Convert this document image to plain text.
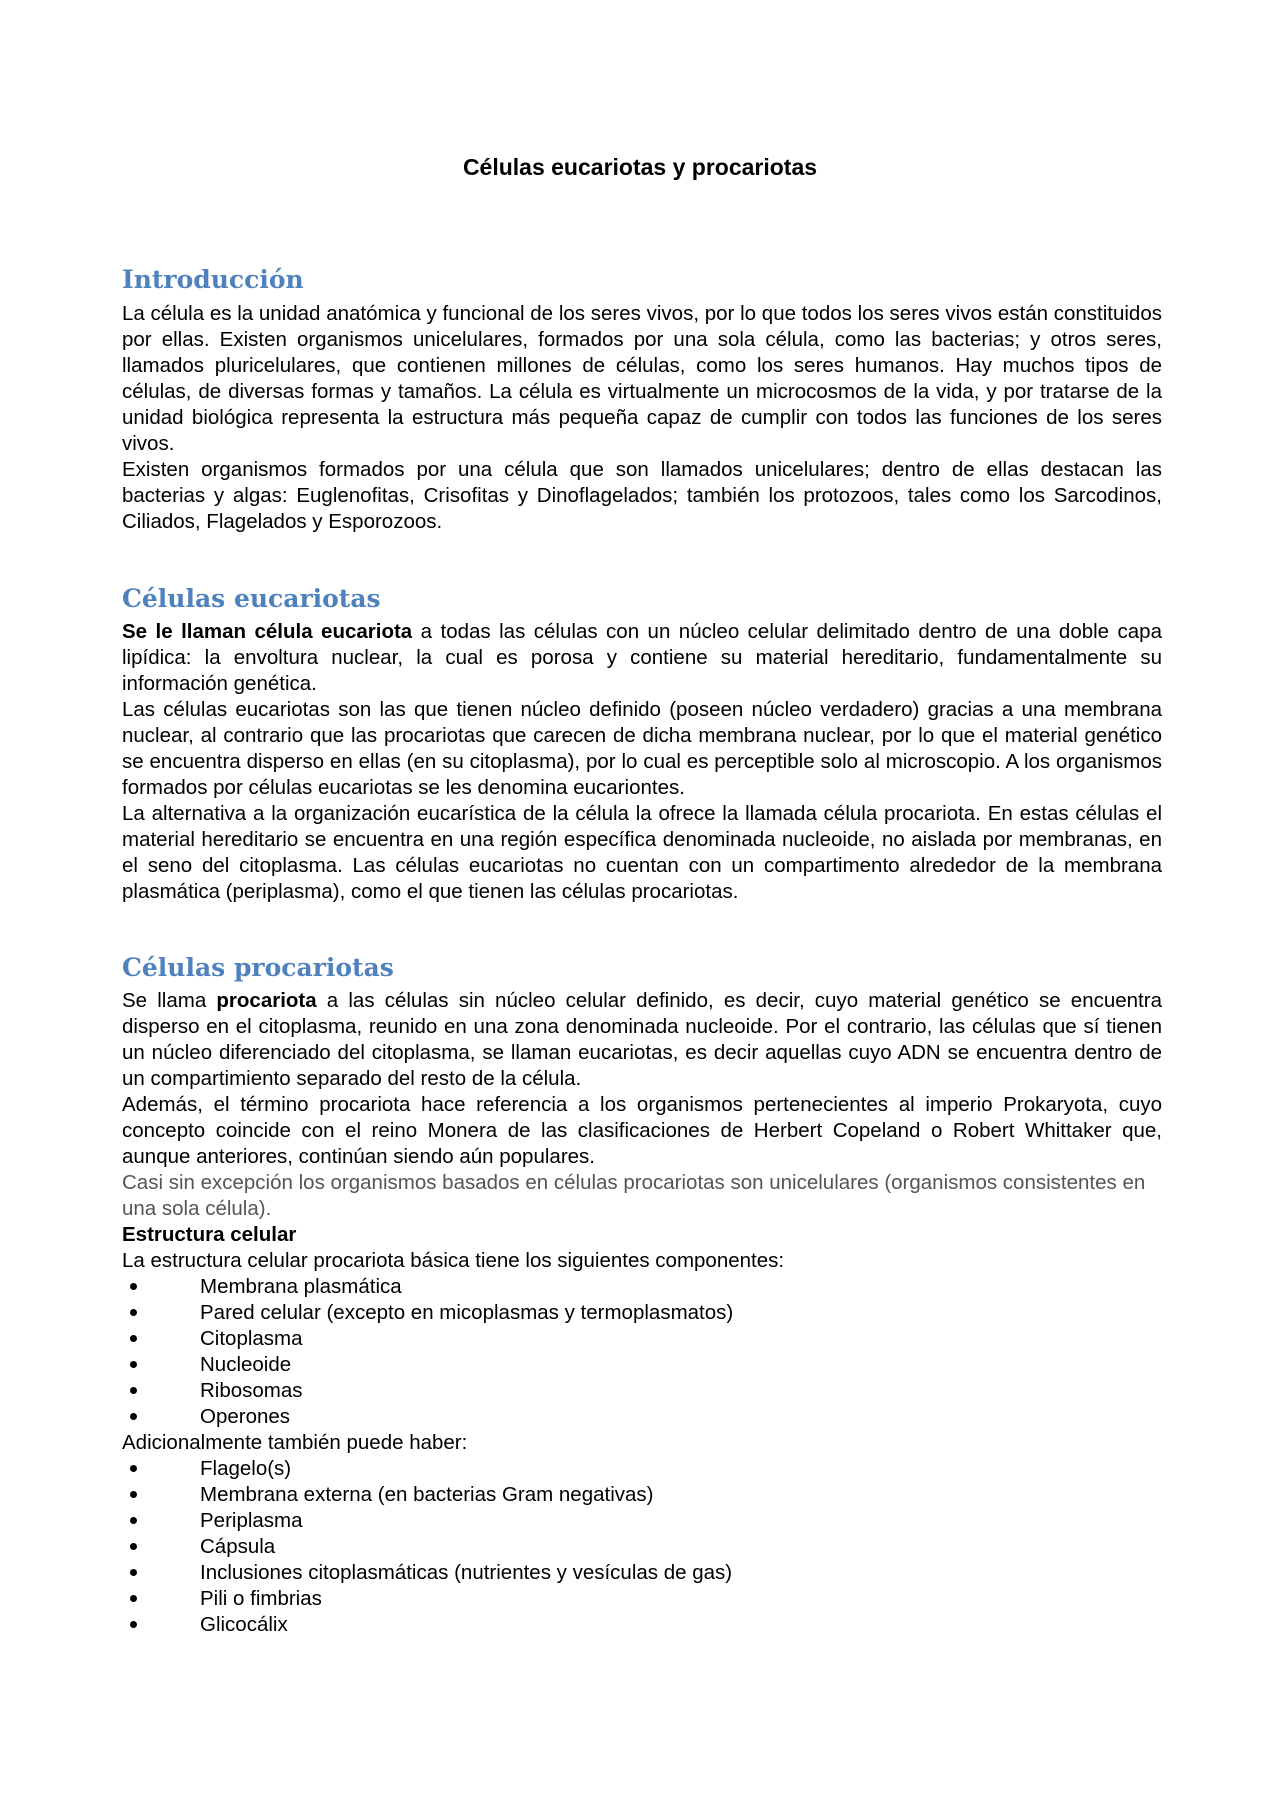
Células eucariotas y procariotas
Introducción

La célula es la unidad anatómica y funcional de los seres vivos, por lo que todos los seres vivos están constituidos por ellas. Existen organismos unicelulares, formados por una sola célula, como las bacterias; y otros seres, llamados pluricelulares, que contienen millones de células, como los seres humanos. Hay muchos tipos de células, de diversas formas y tamaños. La célula es virtualmente un microcosmos de la vida, y por tratarse de la unidad biológica representa la estructura más pequeña capaz de cumplir con todos las funciones de los seres vivos.

Existen organismos formados por una célula que son llamados unicelulares; dentro de ellas destacan las bacterias y algas: Euglenofitas, Crisofitas y Dinoflagelados; también los protozoos, tales como los Sarcodinos, Ciliados, Flagelados y Esporozoos.

Células eucariotas

Se le llaman célula eucariota a todas las células con un núcleo celular delimitado dentro de una doble capa lipídica: la envoltura nuclear, la cual es porosa y contiene su material hereditario, fundamentalmente su información genética.

Las células eucariotas son las que tienen núcleo definido (poseen núcleo verdadero) gracias a una membrana nuclear, al contrario que las procariotas que carecen de dicha membrana nuclear, por lo que el material genético se encuentra disperso en ellas (en su citoplasma), por lo cual es perceptible solo al microscopio. A los organismos formados por células eucariotas se les denomina eucariontes.

La alternativa a la organización eucarística de la célula la ofrece la llamada célula procariota. En estas células el material hereditario se encuentra en una región específica denominada nucleoide, no aislada por membranas, en el seno del citoplasma. Las células eucariotas no cuentan con un compartimento alrededor de la membrana plasmática (periplasma), como el que tienen las células procariotas.

Células procariotas

Se llama procariota a las células sin núcleo celular definido, es decir, cuyo material genético se encuentra disperso en el citoplasma, reunido en una zona denominada nucleoide. Por el contrario, las células que sí tienen un núcleo diferenciado del citoplasma, se llaman eucariotas, es decir aquellas cuyo ADN se encuentra dentro de un compartimiento separado del resto de la célula.

Además, el término procariota hace referencia a los organismos pertenecientes al imperio Prokaryota, cuyo concepto coincide con el reino Monera de las clasificaciones de Herbert Copeland o Robert Whittaker que, aunque anteriores, continúan siendo aún populares.

Casi sin excepción los organismos basados en células procariotas son unicelulares (organismos consistentes en una sola célula).

Estructura celular

La estructura celular procariota básica tiene los siguientes componentes:

Membrana plasmática
Pared celular (excepto en micoplasmas y termoplasmatos)
Citoplasma
Nucleoide
Ribosomas
Operones

Adicionalmente también puede haber:

Flagelo(s)
Membrana externa (en bacterias Gram negativas)
Periplasma
Cápsula
Inclusiones citoplasmáticas (nutrientes y vesículas de gas)
Pili o fimbrias
Glicocálix
